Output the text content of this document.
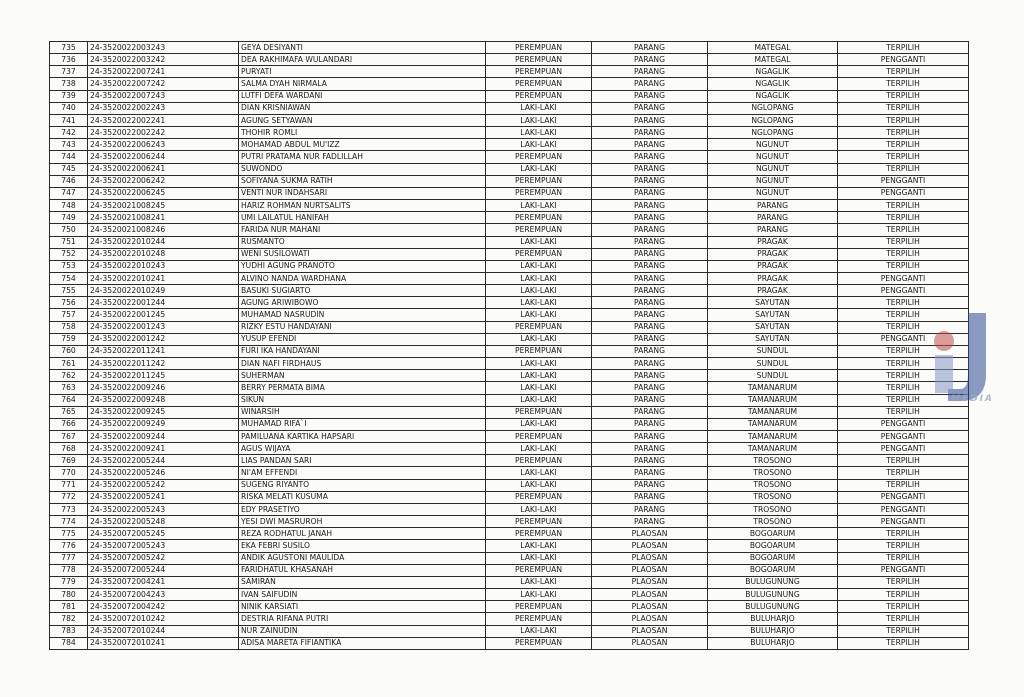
735	24-3520022003243	GEYA DESIYANTI	PEREMPUAN	PARANG	MATEGAL	TERPILIH
736	24-3520022003242	DEA RAKHIMAFA WULANDARI	PEREMPUAN	PARANG	MATEGAL	PENGGANTI
737	24-3520022007241	PURYATI	PEREMPUAN	PARANG	NGAGLIK	TERPILIH
738	24-3520022007242	SALMA DYAH NIRMALA	PEREMPUAN	PARANG	NGAGLIK	TERPILIH
739	24-3520022007243	LUTFI DEFA WARDANI	PEREMPUAN	PARANG	NGAGLIK	TERPILIH
740	24-3520022002243	DIAN KRISNIAWAN	LAKI-LAKI	PARANG	NGLOPANG	TERPILIH
741	24-3520022002241	AGUNG SETYAWAN	LAKI-LAKI	PARANG	NGLOPANG	TERPILIH
742	24-3520022002242	THOHIR ROMLI	LAKI-LAKI	PARANG	NGLOPANG	TERPILIH
743	24-3520022006243	MOHAMAD ABDUL MU'IZZ	LAKI-LAKI	PARANG	NGUNUT	TERPILIH
744	24-3520022006244	PUTRI PRATAMA NUR FADLILLAH	PEREMPUAN	PARANG	NGUNUT	TERPILIH
745	24-3520022006241	SUWONDO	LAKI-LAKI	PARANG	NGUNUT	TERPILIH
746	24-3520022006242	SOFIYANA SUKMA RATIH	PEREMPUAN	PARANG	NGUNUT	PENGGANTI
747	24-3520022006245	VENTI NUR INDAHSARI	PEREMPUAN	PARANG	NGUNUT	PENGGANTI
748	24-3520021008245	HARIZ ROHMAN NURTSALITS	LAKI-LAKI	PARANG	PARANG	TERPILIH
749	24-3520021008241	UMI LAILATUL HANIFAH	PEREMPUAN	PARANG	PARANG	TERPILIH
750	24-3520021008246	FARIDA NUR MAHANI	PEREMPUAN	PARANG	PARANG	TERPILIH
751	24-3520022010244	RUSMANTO	LAKI-LAKI	PARANG	PRAGAK	TERPILIH
752	24-3520022010248	WENI SUSILOWATI	PEREMPUAN	PARANG	PRAGAK	TERPILIH
753	24-3520022010243	YUDHI AGUNG PRANOTO	LAKI-LAKI	PARANG	PRAGAK	TERPILIH
754	24-3520022010241	ALVINO NANDA WARDHANA	LAKI-LAKI	PARANG	PRAGAK	PENGGANTI
755	24-3520022010249	BASUKI SUGIARTO	LAKI-LAKI	PARANG	PRAGAK	PENGGANTI
756	24-3520022001244	AGUNG ARIWIBOWO	LAKI-LAKI	PARANG	SAYUTAN	TERPILIH
757	24-3520022001245	MUHAMAD NASRUDIN	LAKI-LAKI	PARANG	SAYUTAN	TERPILIH
758	24-3520022001243	RIZKY ESTU HANDAYANI	PEREMPUAN	PARANG	SAYUTAN	TERPILIH
759	24-3520022001242	YUSUP EFENDI	LAKI-LAKI	PARANG	SAYUTAN	PENGGANTI
760	24-3520022011241	FURI IKA HANDAYANI	PEREMPUAN	PARANG	SUNDUL	TERPILIH
761	24-3520022011242	DIAN NAFI FIRDHAUS	LAKI-LAKI	PARANG	SUNDUL	TERPILIH
762	24-3520022011245	SUHERMAN	LAKI-LAKI	PARANG	SUNDUL	TERPILIH
763	24-3520022009246	BERRY PERMATA BIMA	LAKI-LAKI	PARANG	TAMANARUM	TERPILIH
764	24-3520022009248	SIKUN	LAKI-LAKI	PARANG	TAMANARUM	TERPILIH
765	24-3520022009245	WINARSIH	PEREMPUAN	PARANG	TAMANARUM	TERPILIH
766	24-3520022009249	MUHAMAD RIFA`I	LAKI-LAKI	PARANG	TAMANARUM	PENGGANTI
767	24-3520022009244	PAMILUANA KARTIKA HAPSARI	PEREMPUAN	PARANG	TAMANARUM	PENGGANTI
768	24-3520022009241	AGUS WIJAYA	LAKI-LAKI	PARANG	TAMANARUM	PENGGANTI
769	24-3520022005244	LIAS PANDAN SARI	PEREMPUAN	PARANG	TROSONO	TERPILIH
770	24-3520022005246	NI'AM EFFENDI	LAKI-LAKI	PARANG	TROSONO	TERPILIH
771	24-3520022005242	SUGENG RIYANTO	LAKI-LAKI	PARANG	TROSONO	TERPILIH
772	24-3520022005241	RISKA MELATI KUSUMA	PEREMPUAN	PARANG	TROSONO	PENGGANTI
773	24-3520022005243	EDY PRASETIYO	LAKI-LAKI	PARANG	TROSONO	PENGGANTI
774	24-3520022005248	YESI DWI MASRUROH	PEREMPUAN	PARANG	TROSONO	PENGGANTI
775	24-3520072005245	REZA RODHATUL JANAH	PEREMPUAN	PLAOSAN	BOGOARUM	TERPILIH
776	24-3520072005243	EKA FEBRI SUSILO	LAKI-LAKI	PLAOSAN	BOGOARUM	TERPILIH
777	24-3520072005242	ANDIK AGUSTONI MAULIDA	LAKI-LAKI	PLAOSAN	BOGOARUM	TERPILIH
778	24-3520072005244	FARIDHATUL KHASANAH	PEREMPUAN	PLAOSAN	BOGOARUM	PENGGANTI
779	24-3520072004241	SAMIRAN	LAKI-LAKI	PLAOSAN	BULUGUNUNG	TERPILIH
780	24-3520072004243	IVAN SAIFUDIN	LAKI-LAKI	PLAOSAN	BULUGUNUNG	TERPILIH
781	24-3520072004242	NINIK KARSIATI	PEREMPUAN	PLAOSAN	BULUGUNUNG	TERPILIH
782	24-3520072010242	DESTRIA RIFANA PUTRI	PEREMPUAN	PLAOSAN	BULUHARJO	TERPILIH
783	24-3520072010244	NUR ZAINUDIN	LAKI-LAKI	PLAOSAN	BULUHARJO	TERPILIH
784	24-3520072010241	ADISA MARETA FIFIANTIKA	PEREMPUAN	PLAOSAN	BULUHARJO	TERPILIH
MEDIA
